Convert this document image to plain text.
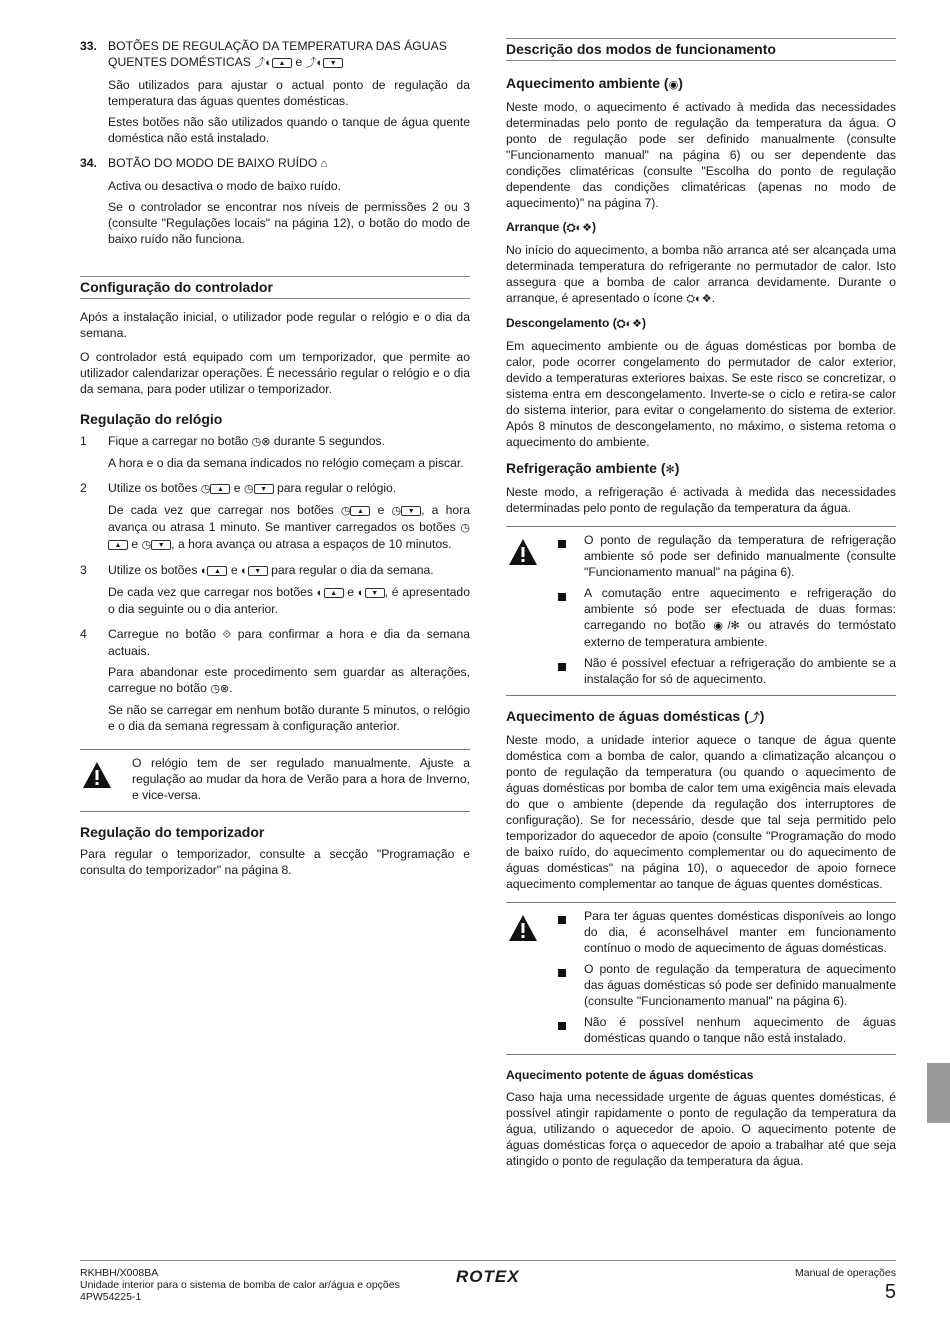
33. BOTÕES DE REGULAÇÃO DA TEMPERATURA DAS ÁGUAS QUENTES DOMÉSTICAS ⤴◐ ▲ e ⤴◐ ▼

São utilizados para ajustar o actual ponto de regulação da temperatura das águas quentes domésticas.

Estes botões não são utilizados quando o tanque de água quente doméstica não está instalado.

34. BOTÃO DO MODO DE BAIXO RUÍDO ⌂

Activa ou desactiva o modo de baixo ruído.

Se o controlador se encontrar nos níveis de permissões 2 ou 3 (consulte "Regulações locais" na página 12), o botão do modo de baixo ruído não funciona.

Configuração do controlador

Após a instalação inicial, o utilizador pode regular o relógio e o dia da semana.

O controlador está equipado com um temporizador, que permite ao utilizador calendarizar operações. É necessário regular o relógio e o dia da semana, para poder utilizar o temporizador.

Regulação do relógio
1	Fique a carregar no botão ◷⊗ durante 5 segundos.

A hora e o dia da semana indicados no relógio começam a piscar.

2	Utilize os botões ◷ ▲ e ◷ ▼ para regular o relógio.

De cada vez que carregar nos botões ◷ ▲ e ◷ ▼ , a hora avança ou atrasa 1 minuto. Se mantiver carregados os botões ◷▲ e ◷ ▼ , a hora avança ou atrasa a espaços de 10 minutos.

3	Utilize os botões ◐ ▲ e ◐ ▼ para regular o dia da semana.

De cada vez que carregar nos botões ◐ ▲ e ◐ ▼ , é apresentado o dia seguinte ou o dia anterior.

4	Carregue no botão ⟐ para confirmar a hora e dia da semana actuais.

Para abandonar este procedimento sem guardar as alterações, carregue no botão ◷⊗.

Se não se carregar em nenhum botão durante 5 minutos, o relógio e o dia da semana regressam à configuração anterior.

O relógio tem de ser regulado manualmente. Ajuste a regulação ao mudar da hora de Verão para a hora de Inverno, e vice-versa.

Regulação do temporizador

Para regular o temporizador, consulte a secção "Programação e consulta do temporizador" na página 8.

Descrição dos modos de funcionamento
Aquecimento ambiente (◉)

Neste modo, o aquecimento é activado à medida das necessidades determinadas pelo ponto de regulação da temperatura da água. O ponto de regulação pode ser definido manualmente (consulte "Funcionamento manual" na página 6) ou ser dependente das condições climatéricas (consulte "Escolha do ponto de regulação dependente das condições climatéricas (apenas no modo de aquecimento)" na página 7).

Arranque (⛭◐❖)

No início do aquecimento, a bomba não arranca até ser alcançada uma determinada temperatura do refrigerante no permutador de calor. Isto assegura que a bomba de calor arranca devidamente. Durante o arranque, é apresentado o ícone ⛭◐❖.

Descongelamento (⛭◐❖)

Em aquecimento ambiente ou de águas domésticas por bomba de calor, pode ocorrer congelamento do permutador de calor exterior, devido a temperaturas exteriores baixas. Se este risco se concretizar, o sistema entra em descongelamento. Inverte-se o ciclo e retira-se calor do sistema interior, para evitar o congelamento do sistema de exterior. Após 8 minutos de descongelamento, no máximo, o sistema retoma o aquecimento do ambiente.

Refrigeração ambiente (✻)

Neste modo, a refrigeração é activada à medida das necessidades determinadas pelo ponto de regulação da temperatura da água.

O ponto de regulação da temperatura de refrigeração ambiente só pode ser definido manualmente (consulte "Funcionamento manual" na página 6).
A comutação entre aquecimento e refrigeração do ambiente só pode ser efectuada de duas formas: carregando no botão ◉/✻ ou através do termóstato externo de temperatura ambiente.
Não é possível efectuar a refrigeração do ambiente se a instalação for só de aquecimento.
Aquecimento de águas domésticas (⤴)

Neste modo, a unidade interior aquece o tanque de água quente doméstica com a bomba de calor, quando a climatização alcançou o ponto de regulação da temperatura (ou quando o aquecimento de águas domésticas por bomba de calor tem uma exigência mais elevada do que o ambiente (depende da regulação dos interruptores de configuração). Se for necessário, desde que tal seja permitido pelo temporizador do aquecedor de apoio (consulte "Programação do modo de baixo ruído, do aquecimento complementar ou do aquecimento de águas domésticas" na página 10), o aquecedor de apoio fornece aquecimento complementar ao tanque de águas quentes domésticas.

Para ter águas quentes domésticas disponíveis ao longo do dia, é aconselhável manter em funcionamento contínuo o modo de aquecimento de águas domésticas.
O ponto de regulação da temperatura de aquecimento das águas domésticas só pode ser definido manualmente (consulte "Funcionamento manual" na página 6).
Não é possível nenhum aquecimento de águas domésticas quando o tanque não está instalado.
Aquecimento potente de águas domésticas

Caso haja uma necessidade urgente de águas quentes domésticas, é possível atingir rapidamente o ponto de regulação da temperatura da água, utilizando o aquecedor de apoio. O aquecimento potente de águas domésticas força o aquecedor de apoio a trabalhar até que seja atingido o ponto de regulação da temperatura da água.

RKHBH/X008BA
Unidade interior para o sistema de bomba de calor ar/água e opções
4PW54225-1
ROTEX	Manual de operações
5
